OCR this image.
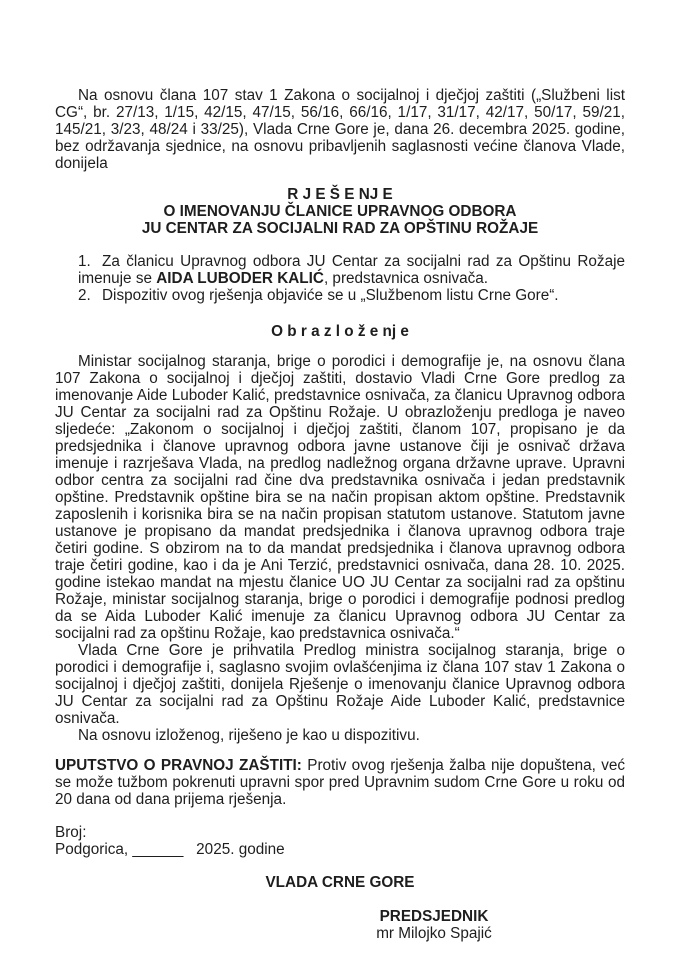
Na osnovu člana 107 stav 1 Zakona o socijalnoj i dječjoj zaštiti („Službeni list CG“, br. 27/13, 1/15, 42/15, 47/15, 56/16, 66/16, 1/17, 31/17, 42/17, 50/17, 59/21, 145/21, 3/23, 48/24 i 33/25), Vlada Crne Gore je, dana 26. decembra 2025. godine, bez održavanja sjednice, na osnovu pribavljenih saglasnosti većine članova Vlade, donijela

R J E Š E NJ E
O IMENOVANJU ČLANICE UPRAVNOG ODBORA
JU CENTAR ZA SOCIJALNI RAD ZA OPŠTINU ROŽAJE
1. Za članicu Upravnog odbora JU Centar za socijalni rad za Opštinu Rožaje imenuje se AIDA LUBODER KALIĆ, predstavnica osnivača.
2. Dispozitiv ovog rješenja objaviće se u „Službenom listu Crne Gore“.
O b r a z l o ž e nj e

Ministar socijalnog staranja, brige o porodici i demografije je, na osnovu člana 107 Zakona o socijalnoj i dječjoj zaštiti, dostavio Vladi Crne Gore predlog za imenovanje Aide Luboder Kalić, predstavnice osnivača, za članicu Upravnog odbora JU Centar za socijalni rad za Opštinu Rožaje. U obrazloženju predloga je naveo sljedeće: „Zakonom o socijalnoj i dječjoj zaštiti, članom 107, propisano je da predsjednika i članove upravnog odbora javne ustanove čiji je osnivač država imenuje i razrješava Vlada, na predlog nadležnog organa državne uprave. Upravni odbor centra za socijalni rad čine dva predstavnika osnivača i jedan predstavnik opštine. Predstavnik opštine bira se na način propisan aktom opštine. Predstavnik zaposlenih i korisnika bira se na način propisan statutom ustanove. Statutom javne ustanove je propisano da mandat predsjednika i članova upravnog odbora traje četiri godine. S obzirom na to da mandat predsjednika i članova upravnog odbora traje četiri godine, kao i da je Ani Terzić, predstavnici osnivača, dana 28. 10. 2025. godine istekao mandat na mjestu članice UO JU Centar za socijalni rad za opštinu Rožaje, ministar socijalnog staranja, brige o porodici i demografije podnosi predlog da se Aida Luboder Kalić imenuje za članicu Upravnog odbora JU Centar za socijalni rad za opštinu Rožaje, kao predstavnica osnivača.“

Vlada Crne Gore je prihvatila Predlog ministra socijalnog staranja, brige o porodici i demografije i, saglasno svojim ovlašćenjima iz člana 107 stav 1 Zakona o socijalnoj i dječjoj zaštiti, donijela Rješenje o imenovanju članice Upravnog odbora JU Centar za socijalni rad za Opštinu Rožaje Aide Luboder Kalić, predstavnice osnivača.

Na osnovu izloženog, riješeno je kao u dispozitivu.

UPUTSTVO O PRAVNOJ ZAŠTITI: Protiv ovog rješenja žalba nije dopuštena, već se može tužbom pokrenuti upravni spor pred Upravnim sudom Crne Gore u roku od 20 dana od dana prijema rješenja.

Broj:
Podgorica, ______   2025. godine
VLADA CRNE GORE
PREDSJEDNIK
mr Milojko Spajić
